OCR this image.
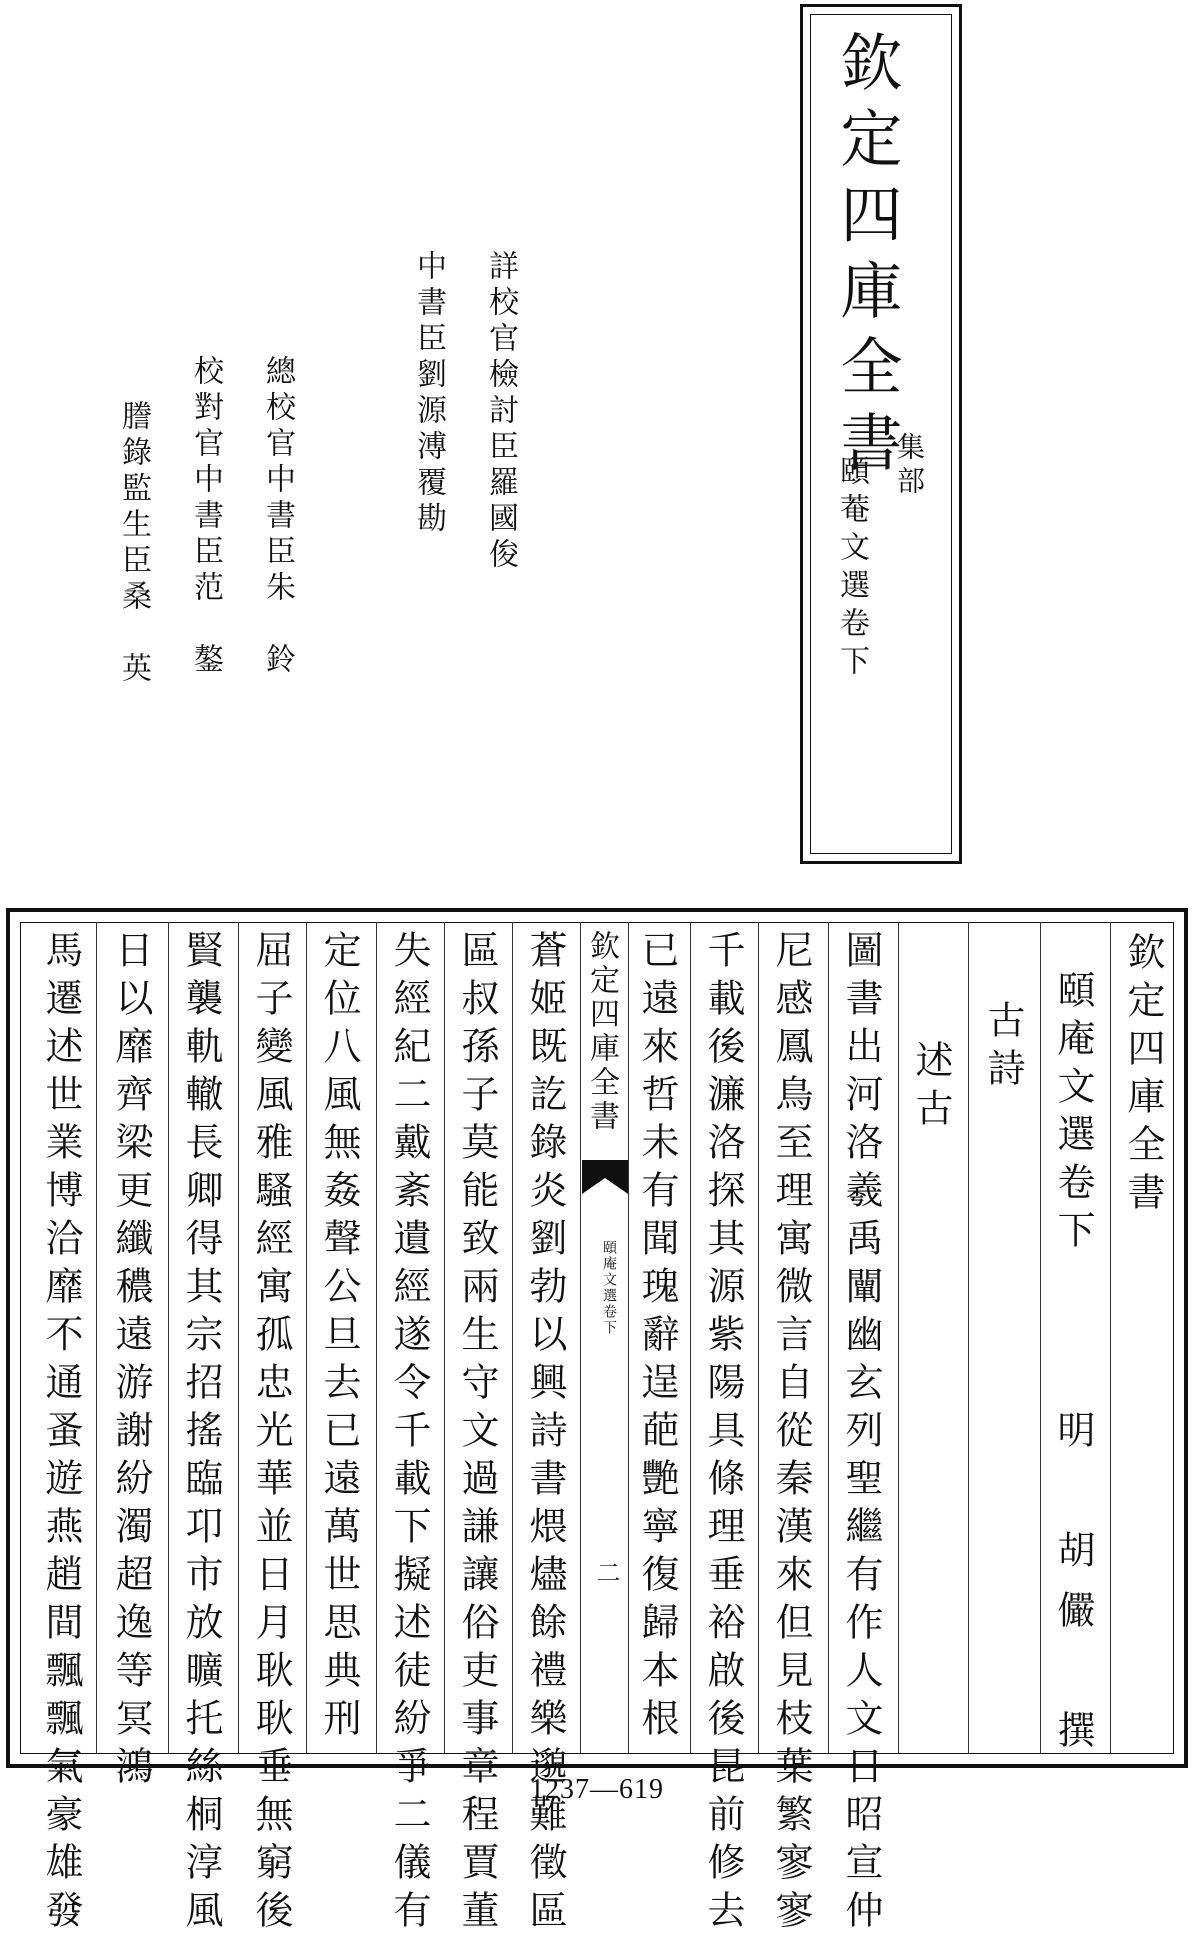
欽定四庫全書
集部
頤菴文選卷下
詳校官檢討臣羅國俊
中書臣劉源溥覆勘
總校官中書臣朱　鈴
校對官中書臣范　鏊
謄錄監生臣桑　英
欽定四庫全書
頤庵文選卷下
古詩
明　胡儼　撰
述古
圖書出河洛羲禹闡幽玄列聖繼有作人文日昭宣仲
尼感鳳鳥至理寓微言自從秦漢來但見枝葉繁寥寥
千載後濂洛探其源紫陽具條理垂裕啟後昆前修去
已遠來哲未有聞瑰辭逞葩艷寧復歸本根
欽定四庫全書
頤庵文選卷下
二
蒼姬既訖錄炎劉勃以興詩書煨燼餘禮樂邈難徵區
區叔孫子莫能致兩生守文過謙讓俗吏事章程賈董
失經紀二戴紊遺經遂令千載下擬述徒紛爭二儀有
定位八風無姦聲公旦去已遠萬世思典刑
屈子變風雅騷經寓孤忠光華並日月耿耿垂無窮後
賢襲軌轍長卿得其宗招搖臨卭市放曠托絲桐淳風
日以靡齊梁更纖穠遠游謝紛濁超逸等冥鴻
馬遷述世業博洽靡不通蚤遊燕趙間飄飄氣豪雄發	1237—619
